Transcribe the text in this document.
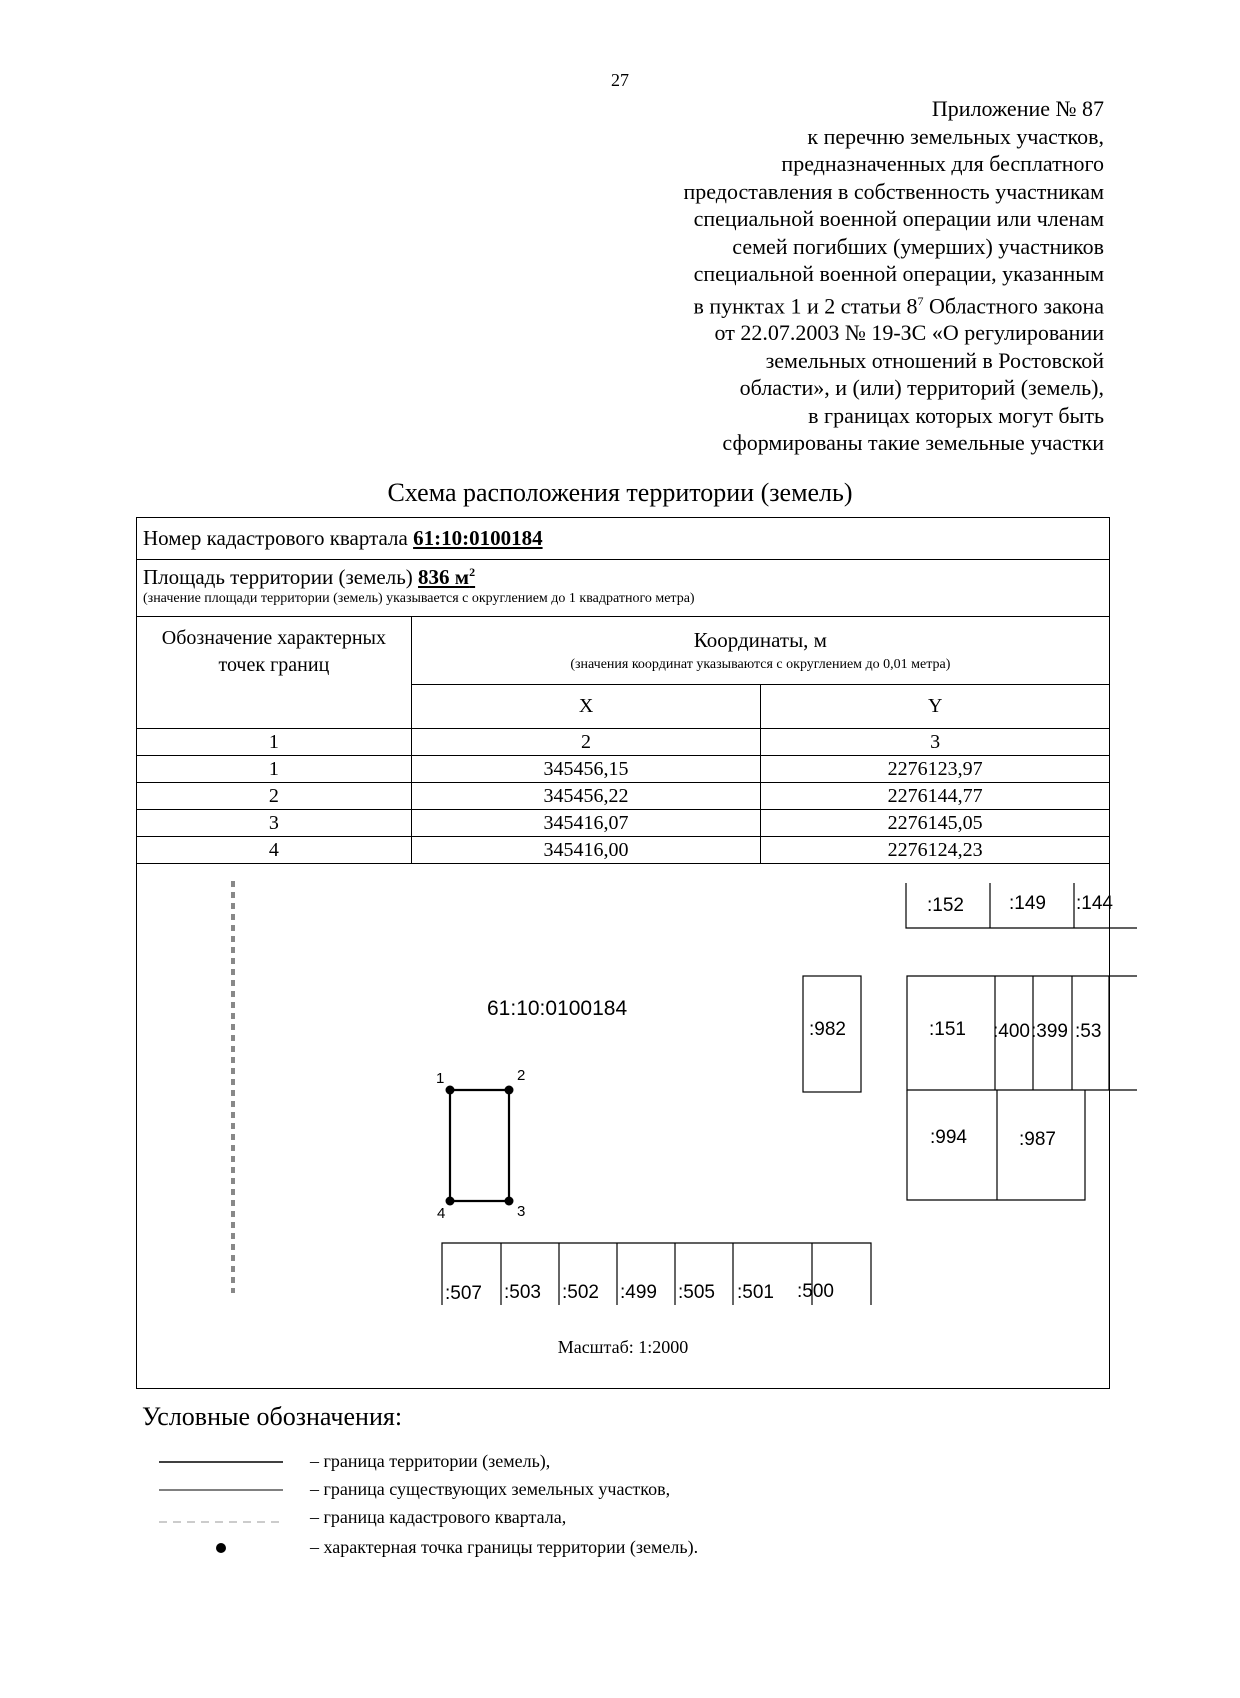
27
Приложение № 87
к перечню земельных участков,
предназначенных для бесплатного
предоставления в собственность участникам
специальной военной операции или членам
семей погибших (умерших) участников
специальной военной операции, указанным
в пунктах 1 и 2 статьи $8^7$ Областного закона
от 22.07.2003 № 19-ЗС «О регулировании
земельных отношений в Ростовской
области», и (или) территорий (земель),
в границах которых могут быть
сформированы такие земельные участки
Схема расположения территории (земель)
Номер кадастрового квартала 61:10:0100184
Площадь территории (земель) 836 $м^2$
(значение площади территории (земель) указывается с округлением до 1 квадратного метра)
Обозначение характерных точек границ	Координаты, м
(значения координат указываются с округлением до 0,01 метра)	

	X	Y
1	2	3
1	345456,15	2276123,97
2	345456,22	2276144,77
3	345416,07	2276145,05
4	345416,00	2276124,23
61:10:0100184
1	2
3
4
:152 :149 :144
:982	:151 :400 :399 :53
:994	:987
:507 :503 :502 :499 :505 :501 :500
Масштаб: 1:2000
Условные обозначения:
– граница территории (земель),
– граница существующих земельных участков,
– граница кадастрового квартала,
– характерная точка границы территории (земель).
